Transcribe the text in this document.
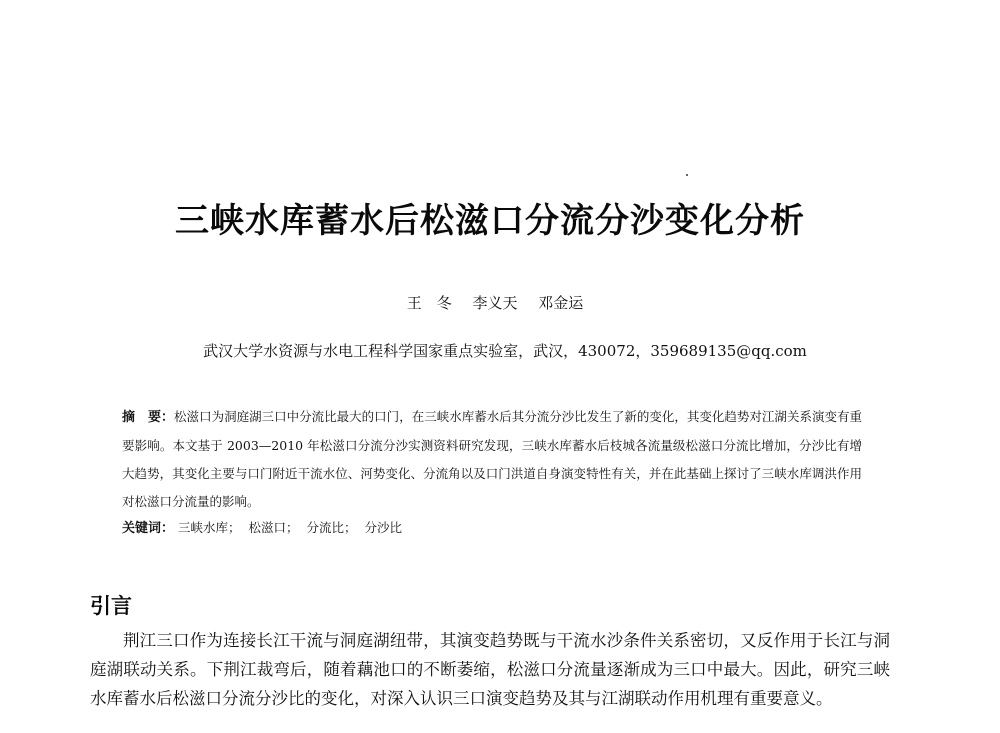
三峡水库蓄水后松滋口分流分沙变化分析
王　冬 李义天 邓金运
武汉大学水资源与水电工程科学国家重点实验室，武汉，430072，359689135@qq.com
摘　要：松滋口为洞庭湖三口中分流比最大的口门，在三峡水库蓄水后其分流分沙比发生了新的变化，其变化趋势对江湖关系演变有重要影响。本文基于 2003—2010 年松滋口分流分沙实测资料研究发现，三峡水库蓄水后枝城各流量级松滋口分流比增加，分沙比有增大趋势，其变化主要与口门附近干流水位、河势变化、分流角以及口门洪道自身演变特性有关，并在此基础上探讨了三峡水库调洪作用对松滋口分流量的影响。
关键词： 三峡水库； 松滋口； 分流比； 分沙比
引言
荆江三口作为连接长江干流与洞庭湖纽带，其演变趋势既与干流水沙条件关系密切，又反作用于长江与洞庭湖联动关系。下荆江裁弯后，随着藕池口的不断萎缩，松滋口分流量逐渐成为三口中最大。因此，研究三峡水库蓄水后松滋口分流分沙比的变化，对深入认识三口演变趋势及其与江湖联动作用机理有重要意义。
